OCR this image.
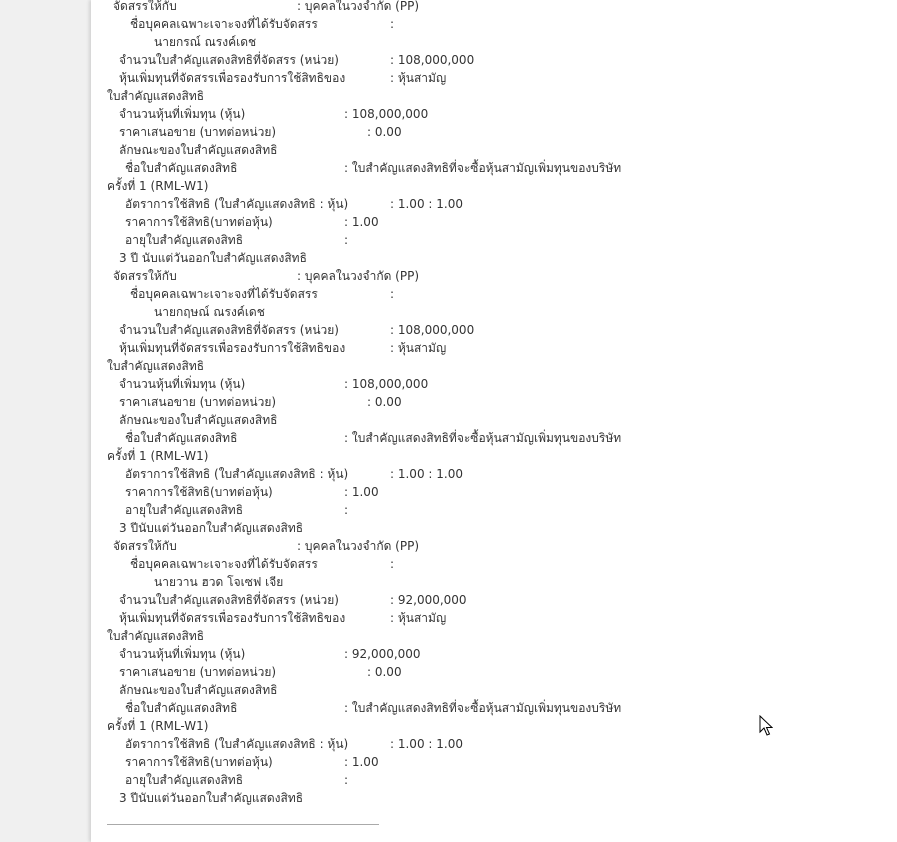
จัดสรรให้กับ	: บุคคลในวงจำกัด (PP)
ชื่อบุคคลเฉพาะเจาะจงที่ได้รับจัดสรร	:
นายกรณ์ ณรงค์เดช
จำนวนใบสำคัญแสดงสิทธิที่จัดสรร (หน่วย)	: 108,000,000
หุ้นเพิ่มทุนที่จัดสรรเพื่อรองรับการใช้สิทธิของ	: หุ้นสามัญ
ใบสำคัญแสดงสิทธิ
จำนวนหุ้นที่เพิ่มทุน (หุ้น)	: 108,000,000
ราคาเสนอขาย (บาทต่อหน่วย)	: 0.00
ลักษณะของใบสำคัญแสดงสิทธิ
ชื่อใบสำคัญแสดงสิทธิ	: ใบสำคัญแสดงสิทธิที่จะซื้อหุ้นสามัญเพิ่มทุนของบริษัท
ครั้งที่ 1 (RML-W1)
อัตราการใช้สิทธิ (ใบสำคัญแสดงสิทธิ : หุ้น)	: 1.00 : 1.00
ราคาการใช้สิทธิ(บาทต่อหุ้น)	: 1.00
อายุใบสำคัญแสดงสิทธิ	:
3 ปี นับแต่วันออกใบสำคัญแสดงสิทธิ
จัดสรรให้กับ	: บุคคลในวงจำกัด (PP)
ชื่อบุคคลเฉพาะเจาะจงที่ได้รับจัดสรร	:
นายกฤษณ์ ณรงค์เดช
จำนวนใบสำคัญแสดงสิทธิที่จัดสรร (หน่วย)	: 108,000,000
หุ้นเพิ่มทุนที่จัดสรรเพื่อรองรับการใช้สิทธิของ	: หุ้นสามัญ
ใบสำคัญแสดงสิทธิ
จำนวนหุ้นที่เพิ่มทุน (หุ้น)	: 108,000,000
ราคาเสนอขาย (บาทต่อหน่วย)	: 0.00
ลักษณะของใบสำคัญแสดงสิทธิ
ชื่อใบสำคัญแสดงสิทธิ	: ใบสำคัญแสดงสิทธิที่จะซื้อหุ้นสามัญเพิ่มทุนของบริษัท
ครั้งที่ 1 (RML-W1)
อัตราการใช้สิทธิ (ใบสำคัญแสดงสิทธิ : หุ้น)	: 1.00 : 1.00
ราคาการใช้สิทธิ(บาทต่อหุ้น)	: 1.00
อายุใบสำคัญแสดงสิทธิ	:
3 ปีนับแต่วันออกใบสำคัญแสดงสิทธิ
จัดสรรให้กับ	: บุคคลในวงจำกัด (PP)
ชื่อบุคคลเฉพาะเจาะจงที่ได้รับจัดสรร	:
นายวาน ฮวด โจเซฟ เจีย
จำนวนใบสำคัญแสดงสิทธิที่จัดสรร (หน่วย)	: 92,000,000
หุ้นเพิ่มทุนที่จัดสรรเพื่อรองรับการใช้สิทธิของ	: หุ้นสามัญ
ใบสำคัญแสดงสิทธิ
จำนวนหุ้นที่เพิ่มทุน (หุ้น)	: 92,000,000
ราคาเสนอขาย (บาทต่อหน่วย)	: 0.00
ลักษณะของใบสำคัญแสดงสิทธิ
ชื่อใบสำคัญแสดงสิทธิ	: ใบสำคัญแสดงสิทธิที่จะซื้อหุ้นสามัญเพิ่มทุนของบริษัท
ครั้งที่ 1 (RML-W1)
อัตราการใช้สิทธิ (ใบสำคัญแสดงสิทธิ : หุ้น)	: 1.00 : 1.00
ราคาการใช้สิทธิ(บาทต่อหุ้น)	: 1.00
อายุใบสำคัญแสดงสิทธิ	:
3 ปีนับแต่วันออกใบสำคัญแสดงสิทธิ
